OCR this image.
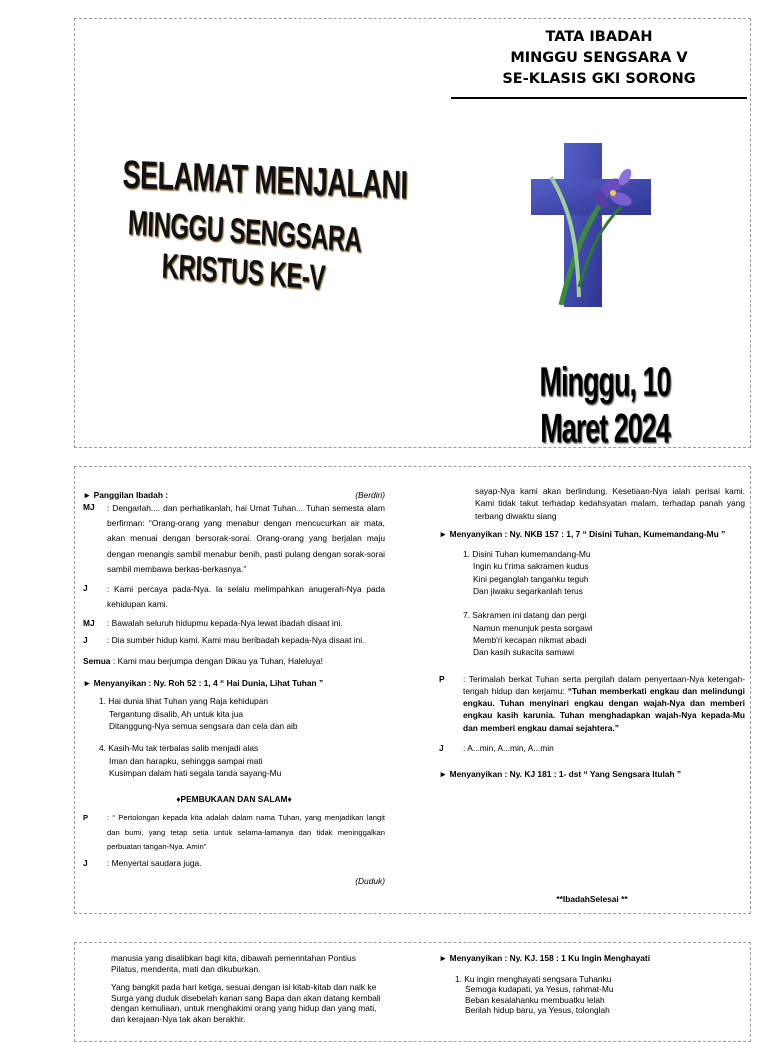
TATA IBADAH
MINGGU SENGSARA V
SE-KLASIS GKI SORONG
SELAMAT MENJALANI
MINGGU SENGSARA KRISTUS KE-V
Minggu, 10 Maret 2024
► Panggilan Ibadah :	(Berdiri)
MJ	: Dengarlah.... dan perhatikanlah, hai Umat Tuhan... Tuhan semesta alam berfirman: “Orang-orang yang menabur dengan mencucurkan air mata, akan menuai dengan bersorak-sorai. Orang-orang yang berjalan maju dengan menangis sambil menabur benih, pasti pulang dengan sorak-sorai sambil membawa berkas-berkasnya.”
J	: Kami percaya pada-Nya. Ia selalu melimpahkan anugerah-Nya pada kehidupan kami.
MJ	: Bawalah seluruh hidupmu kepada-Nya lewat ibadah disaat ini.
J	: Dia sumber hidup kami. Kami mau beribadah kepada-Nya disaat ini.
Semua : Kami mau berjumpa dengan Dikau ya Tuhan, Haleluya!
► Menyanyikan : Ny. Roh 52 : 1, 4 “ Hai Dunia, Lihat Tuhan ”
1. Hai dunia lihat Tuhan yang Raja kehidupan
Tergantung disalib, Ah untuk kita jua
Ditanggung-Nya semua sengsara dan cela dan aib
4. Kasih-Mu tak terbalas salib menjadi alas
Iman dan harapku, sehingga sampai mati
Kusimpan dalam hati segala tanda sayang-Mu
♦PEMBUKAAN DAN SALAM♦
P	: “ Pertolongan kepada kita adalah dalam nama Tuhan, yang menjadikan langit dan bumi, yang tetap setia untuk selama-lamanya dan tidak meninggalkan perbuatan tangan-Nya. Amin”
J	: Menyertai saudara juga.
(Duduk)
sayap-Nya kami akan berlindung. Kesetiaan-Nya ialah perisai kami. Kami tidak takut terhadap kedahsyatan malam, terhadap panah yang terbang diwaktu siang
► Menyanyikan : Ny. NKB 157 : 1, 7 “ Disini Tuhan, Kumemandang-Mu ”
1. Disini Tuhan kumemandang-Mu
Ingin ku t'rima sakramen kudus
Kini peganglah tanganku teguh
Dan jiwaku segarkanlah terus
7. Sakramen ini datang dan pergi
Namun menunjuk pesta sorgawi
Memb'ri kecapan nikmat abadi
Dan kasih sukacita samawi
P	: Terimalah berkat Tuhan serta pergilah dalam penyertaan-Nya ketengah-tengah hidup dan kerjamu: “Tuhan memberkati engkau dan melindungi engkau. Tuhan menyinari engkau dengan wajah-Nya dan memberi engkau kasih karunia. Tuhan menghadapkan wajah-Nya kepada-Mu dan memberi engkau damai sejahtera.”
J	: A...min, A...min, A...min
► Menyanyikan : Ny. KJ 181 : 1- dst “ Yang Sengsara Itulah ”
**IbadahSelesai **
manusia yang disalibkan bagi kita, dibawah pemerintahan Pontius Pilatus, menderita, mati dan dikuburkan.
Yang bangkit pada hari ketiga, sesuai dengan isi kitab-kitab dan naik ke Surga yang duduk disebelah kanan sang Bapa dan akan datang kembali dengan kemuliaan, untuk menghakimi orang yang hidup dan yang mati, dan kerajaan-Nya tak akan berakhir.
► Menyanyikan : Ny. KJ. 158 : 1 Ku Ingin Menghayati
1. Ku ingin menghayati sengsara Tuhanku
Semoga kudapati, ya Yesus, rahmat-Mu
Beban kesalahanku membuatku lelah
Berilah hidup baru, ya Yesus, tolonglah
